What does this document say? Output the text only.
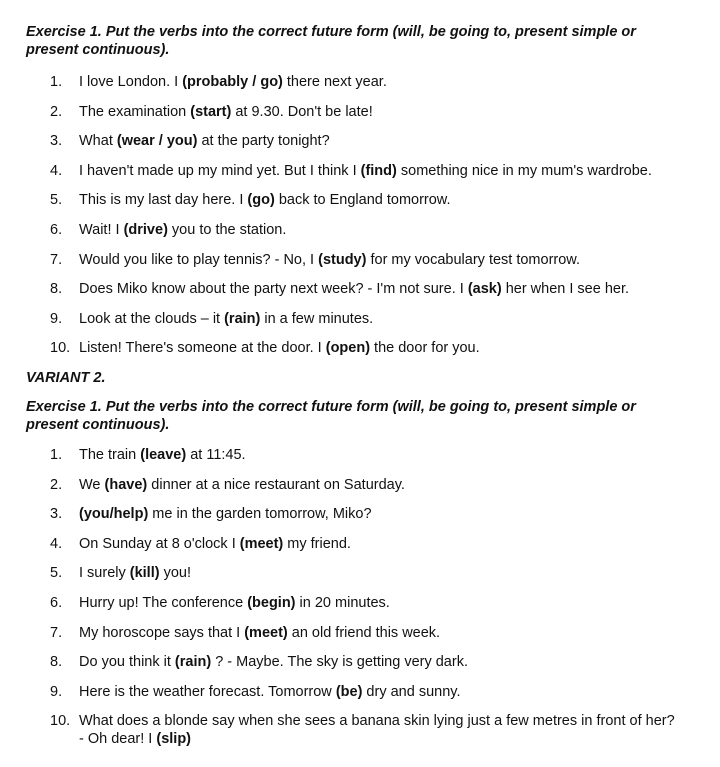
Exercise 1. Put the verbs into the correct future form (will, be going to, present simple or
present continuous).
1.	I love London. I (probably / go) there next year.
2.	The examination (start) at 9.30. Don't be late!
3.	What (wear / you) at the party tonight?
4.	I haven't made up my mind yet. But I think I (find) something nice in my mum's wardrobe.
5.	This is my last day here. I (go) back to England tomorrow.
6.	Wait! I (drive) you to the station.
7.	Would you like to play tennis? - No, I (study) for my vocabulary test tomorrow.
8.	Does Miko know about the party next week? - I'm not sure. I (ask) her when I see her.
9.	Look at the clouds – it (rain) in a few minutes.
10. Listen! There's someone at the door. I (open) the door for you.
VARIANT 2.
Exercise 1. Put the verbs into the correct future form (will, be going to, present simple or
present continuous).
1.	The train (leave) at 11:45.
2.	We (have) dinner at a nice restaurant on Saturday.
3.	(you/help) me in the garden tomorrow, Miko?
4.	On Sunday at 8 o'clock I (meet) my friend.
5.	I surely (kill) you!
6.	Hurry up! The conference (begin) in 20 minutes.
7.	My horoscope says that I (meet) an old friend this week.
8.	Do you think it (rain) ? - Maybe. The sky is getting very dark.
9.	Here is the weather forecast. Tomorrow (be) dry and sunny.
10. What does a blonde say when she sees a banana skin lying just a few metres in front of her?
- Oh dear! I (slip)
